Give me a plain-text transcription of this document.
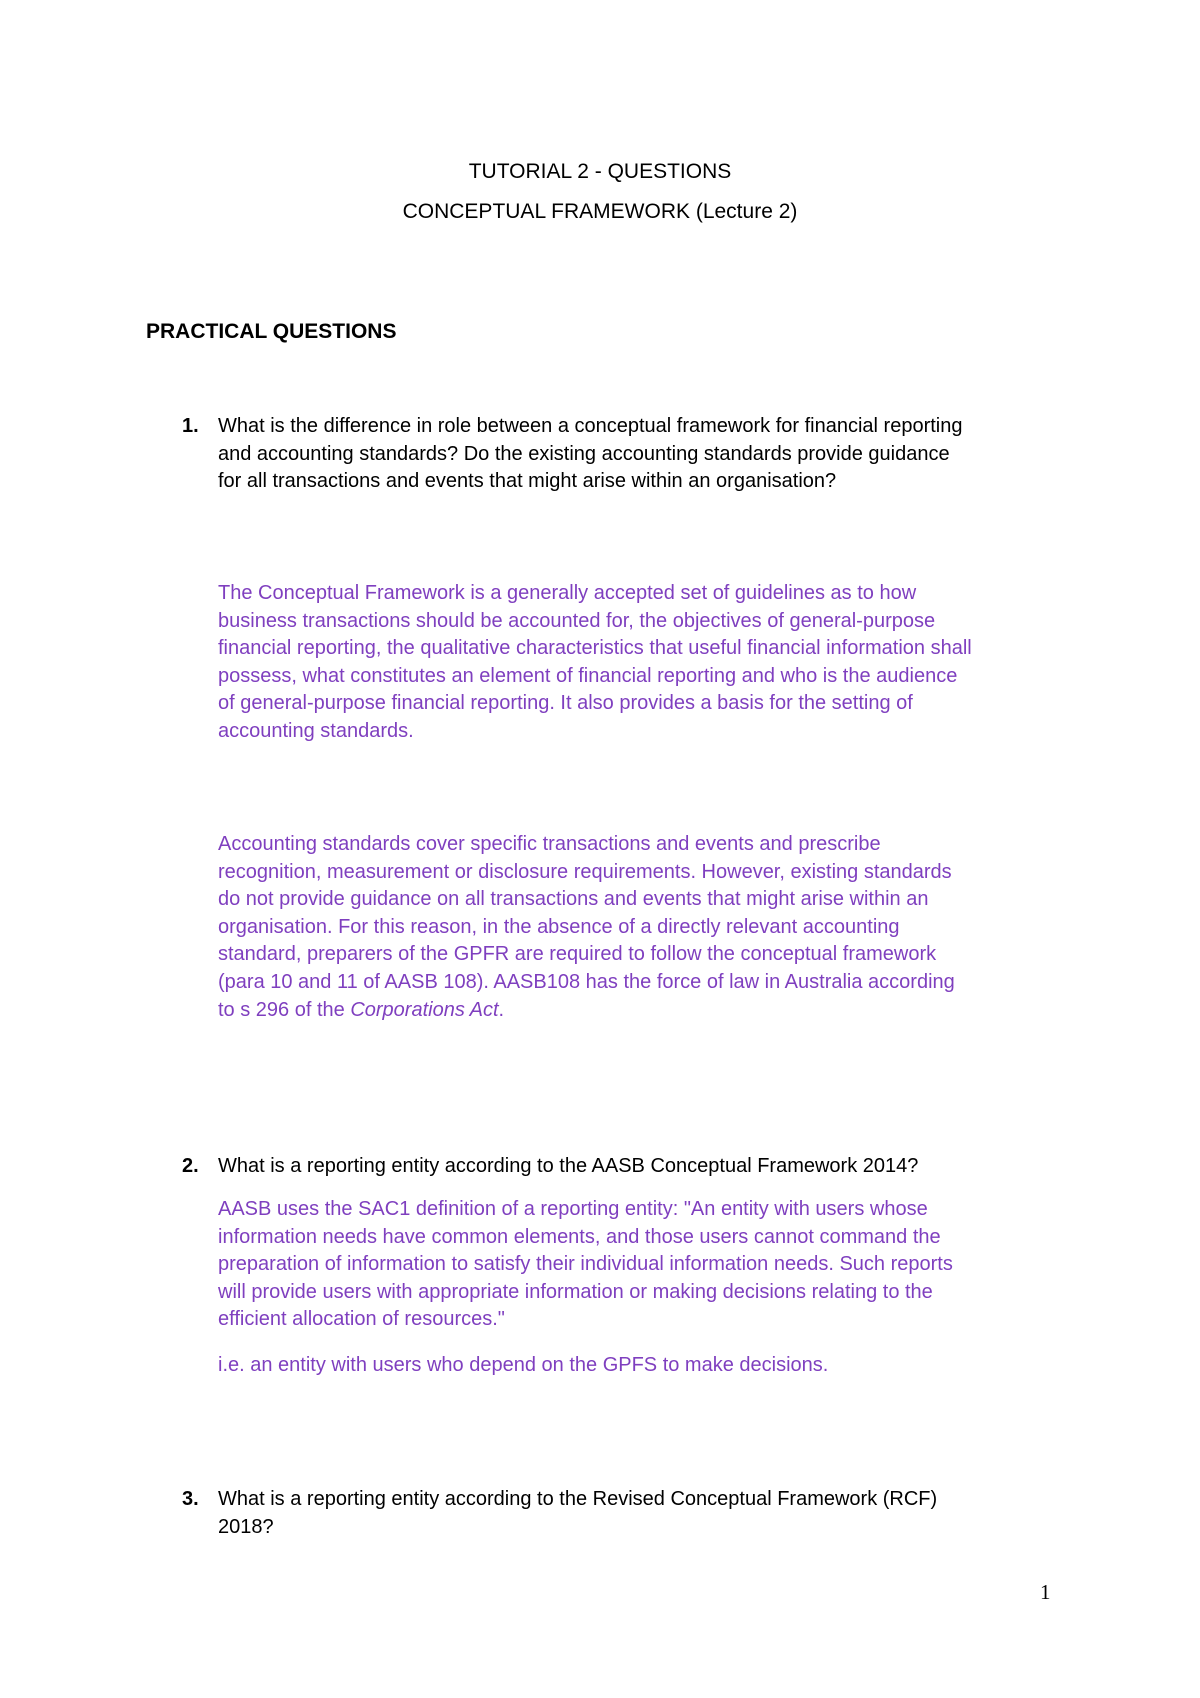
TUTORIAL 2 - QUESTIONS
CONCEPTUAL FRAMEWORK (Lecture 2)
PRACTICAL QUESTIONS
1. What is the difference in role between a conceptual framework for financial reporting
and accounting standards? Do the existing accounting standards provide guidance
for all transactions and events that might arise within an organisation?
The Conceptual Framework is a generally accepted set of guidelines as to how
business transactions should be accounted for, the objectives of general-purpose
financial reporting, the qualitative characteristics that useful financial information shall
possess, what constitutes an element of financial reporting and who is the audience
of general-purpose financial reporting. It also provides a basis for the setting of
accounting standards.
Accounting standards cover specific transactions and events and prescribe
recognition, measurement or disclosure requirements. However, existing standards
do not provide guidance on all transactions and events that might arise within an
organisation. For this reason, in the absence of a directly relevant accounting
standard, preparers of the GPFR are required to follow the conceptual framework
(para 10 and 11 of AASB 108). AASB108 has the force of law in Australia according
to s 296 of the Corporations Act.
2. What is a reporting entity according to the AASB Conceptual Framework 2014?
AASB uses the SAC1 definition of a reporting entity: "An entity with users whose
information needs have common elements, and those users cannot command the
preparation of information to satisfy their individual information needs. Such reports
will provide users with appropriate information or making decisions relating to the
efficient allocation of resources."
i.e. an entity with users who depend on the GPFS to make decisions.
3. What is a reporting entity according to the Revised Conceptual Framework (RCF)
2018?
1
